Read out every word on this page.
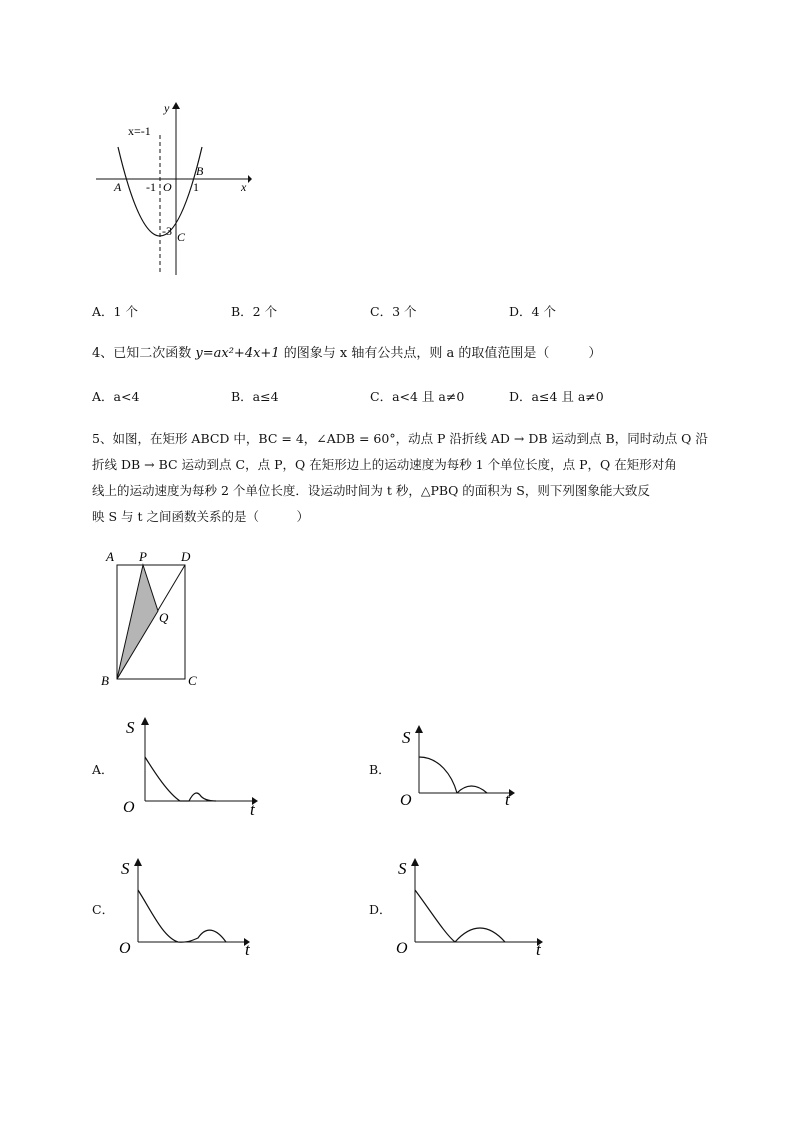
y
x
x=-1
A
B
-1 O 1
-3 C
A．1 个	B．2 个	C．3 个	D．4 个
4、已知二次函数 y=ax²+4x+1 的图象与 x 轴有公共点，则 a 的取值范围是（　　　）
A．a<4	B．a≤4	C．a<4 且 a≠0	D．a≤4 且 a≠0
5、如图，在矩形 ABCD 中，BC = 4，∠ADB = 60°，动点 P 沿折线 AD → DB 运动到点 B，同时动点 Q 沿
折线 DB → BC 运动到点 C，点 P，Q 在矩形边上的运动速度为每秒 1 个单位长度，点 P，Q 在矩形对角
线上的运动速度为每秒 2 个单位长度．设运动时间为 t 秒，△PBQ 的面积为 S，则下列图象能大致反
映 S 与 t 之间函数关系的是（　　　）
A P	D
Q
B	C
A．
S
t
O
B．
S
t
O
C．
S
t
O
D．
S
t
O
